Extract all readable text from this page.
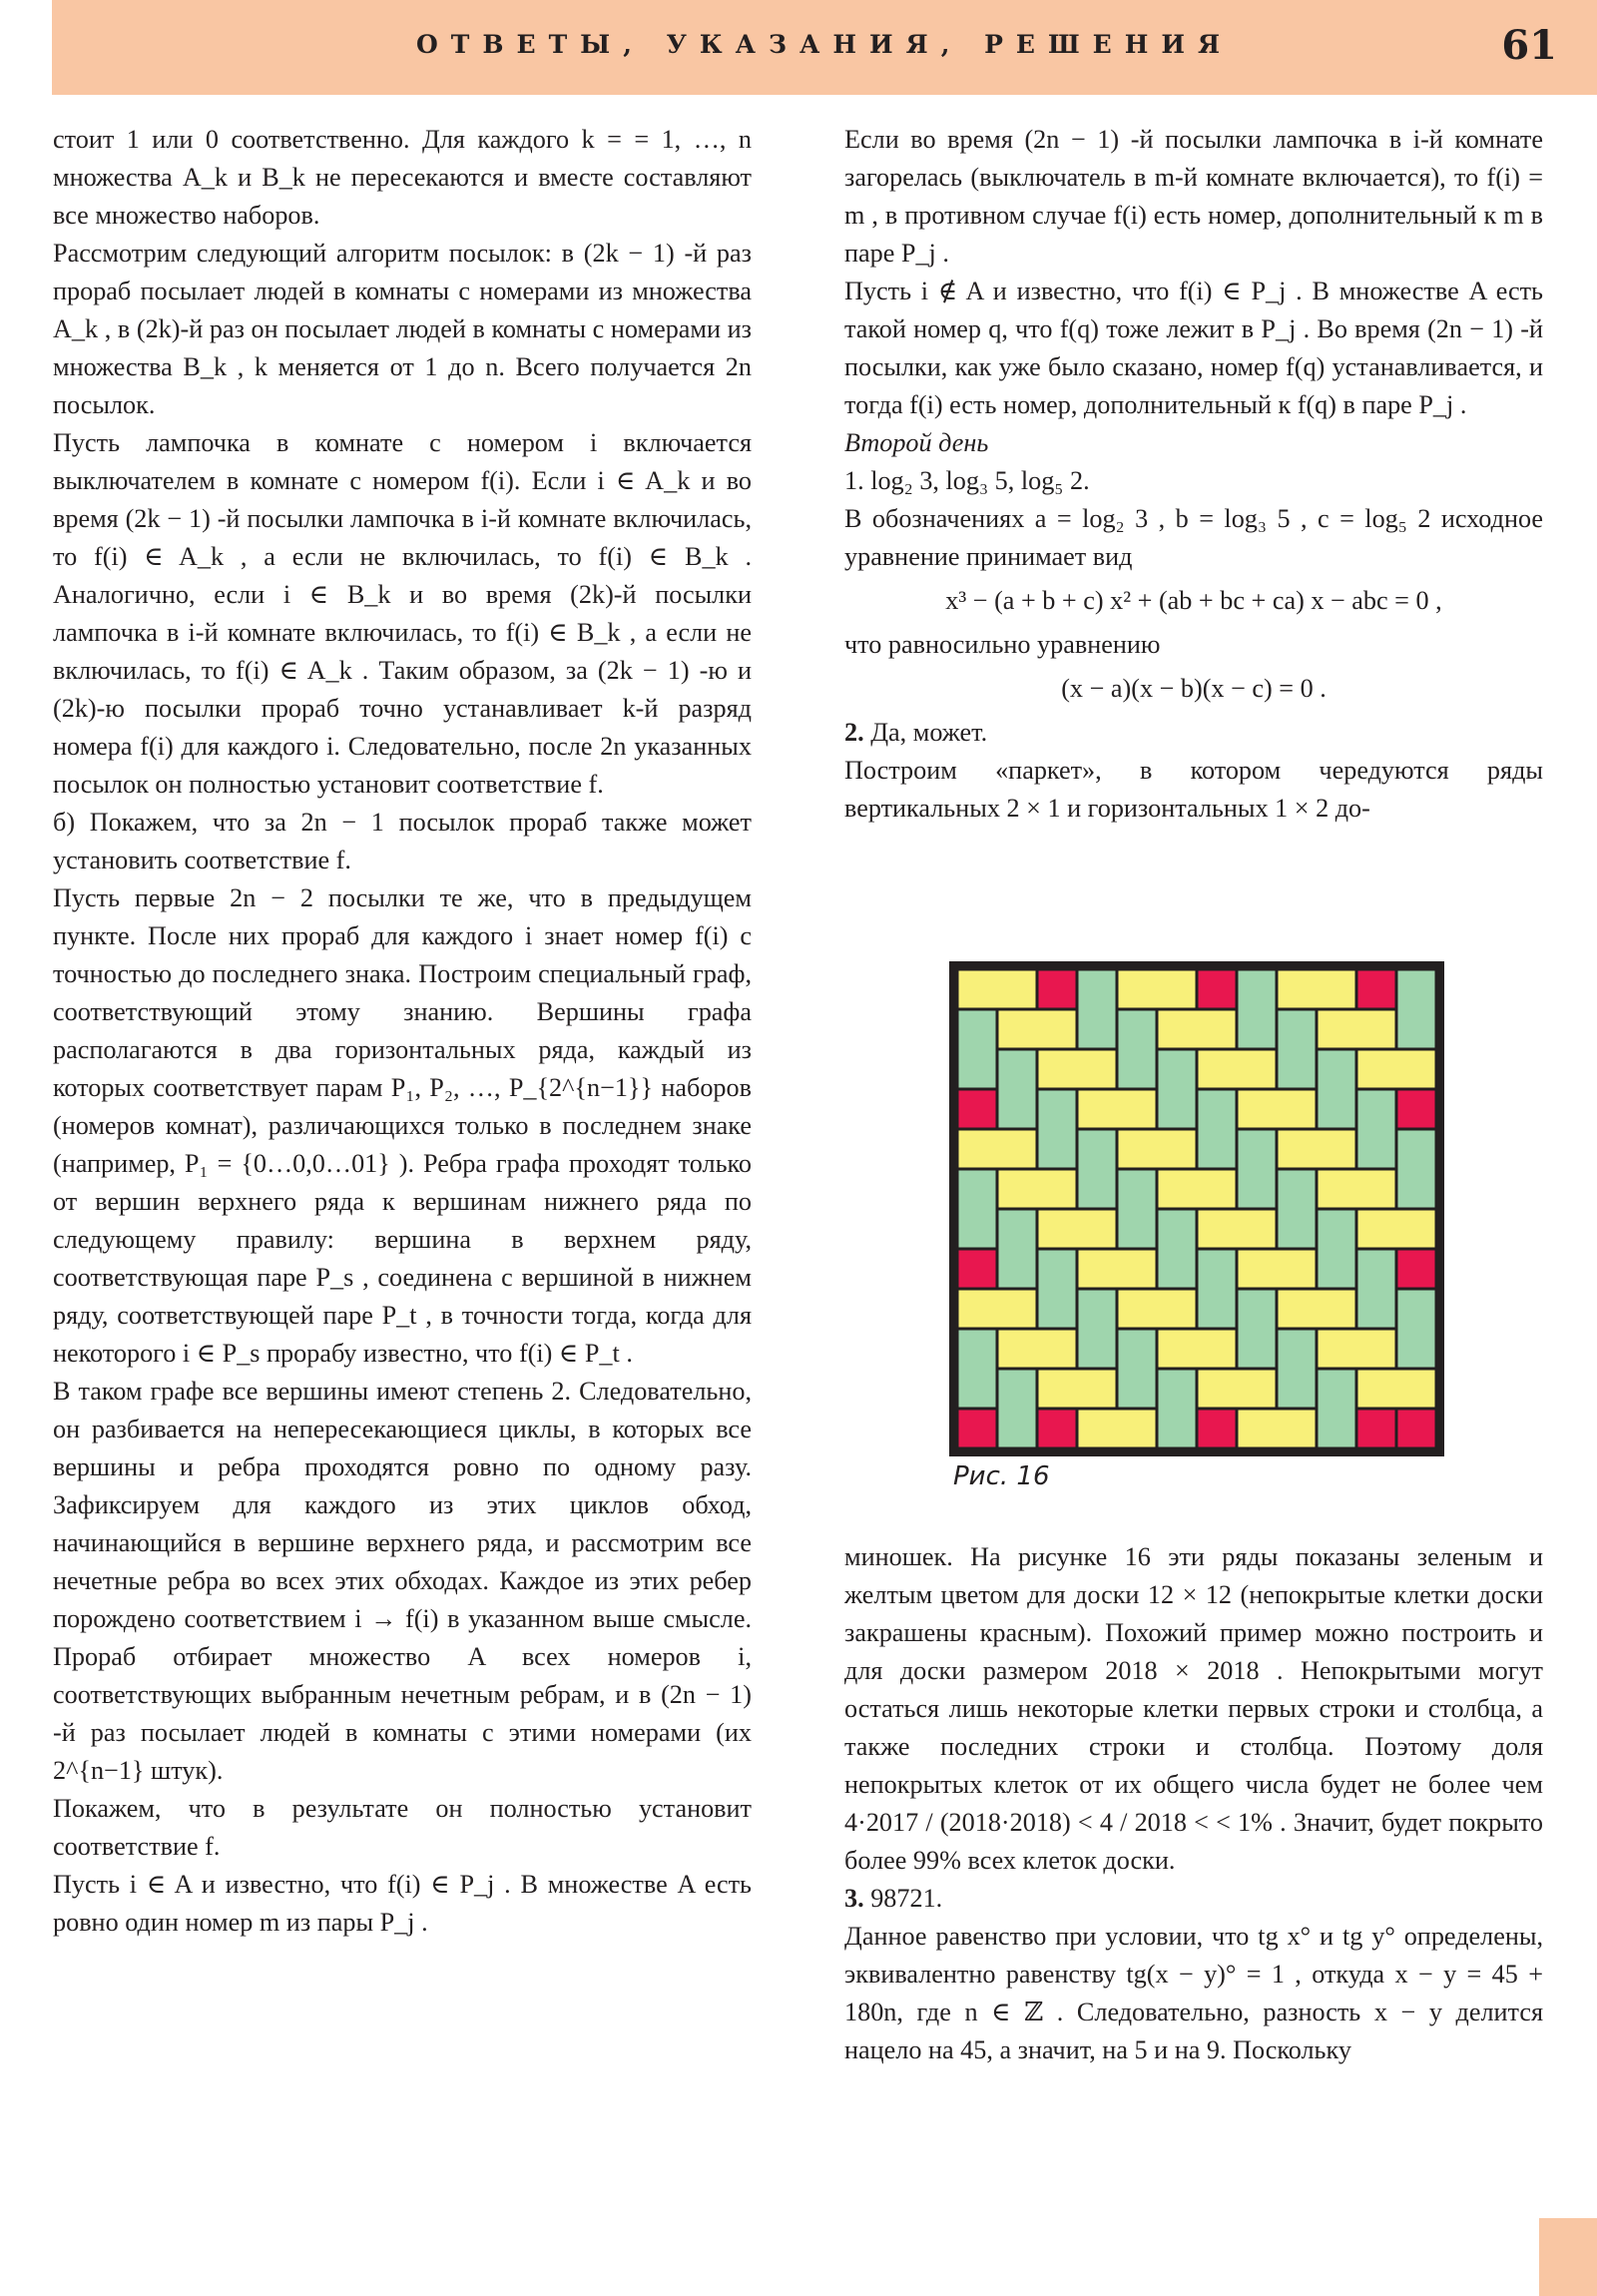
ОТВЕТЫ, УКАЗАНИЯ, РЕШЕНИЯ	61

стоит 1 или 0 соответственно. Для каждого k = = 1, …, n множества A_k и B_k не пересекаются и вместе составляют все множество наборов.

Рассмотрим следующий алгоритм посылок: в (2k − 1) -й раз прораб посылает людей в комнаты с номерами из множества A_k , в (2k)-й раз он посылает людей в комнаты с номерами из множества B_k , k меняется от 1 до n. Всего получается 2n посылок.

Пусть лампочка в комнате с номером i включается выключателем в комнате с номером f(i). Если i ∈ A_k и во время (2k − 1) -й посылки лампочка в i-й комнате включилась, то f(i) ∈ A_k , а если не включилась, то f(i) ∈ B_k . Аналогично, если i ∈ B_k и во время (2k)-й посылки лампочка в i-й комнате включилась, то f(i) ∈ B_k , а если не включилась, то f(i) ∈ A_k . Таким образом, за (2k − 1) -ю и (2k)-ю посылки прораб точно устанавливает k-й разряд номера f(i) для каждого i. Следовательно, после 2n указанных посылок он полностью установит соответствие f.

б) Покажем, что за 2n − 1 посылок прораб также может установить соответствие f.

Пусть первые 2n − 2 посылки те же, что в предыдущем пункте. После них прораб для каждого i знает номер f(i) с точностью до последнего знака. Построим специальный граф, соответствующий этому знанию. Вершины графа располагаются в два горизонтальных ряда, каждый из которых соответствует парам P₁, P₂, …, P_{2^{n−1}} наборов (номеров комнат), различающихся только в последнем знаке (например, P₁ = {0…0,0…01} ). Ребра графа проходят только от вершин верхнего ряда к вершинам нижнего ряда по следующему правилу: вершина в верхнем ряду, соответствующая паре P_s , соединена с вершиной в нижнем ряду, соответствующей паре P_t , в точности тогда, когда для некоторого i ∈ P_s прорабу известно, что f(i) ∈ P_t .

В таком графе все вершины имеют степень 2. Следовательно, он разбивается на непересекающиеся циклы, в которых все вершины и ребра проходятся ровно по одному разу. Зафиксируем для каждого из этих циклов обход, начинающийся в вершине верхнего ряда, и рассмотрим все нечетные ребра во всех этих обходах. Каждое из этих ребер порождено соответствием i → f(i) в указанном выше смысле. Прораб отбирает множество A всех номеров i, соответствующих выбранным нечетным ребрам, и в (2n − 1) -й раз посылает людей в комнаты с этими номерами (их 2^{n−1} штук).

Покажем, что в результате он полностью установит соответствие f.

Пусть i ∈ A и известно, что f(i) ∈ P_j . В множестве A есть ровно один номер m из пары P_j .

Если во время (2n − 1) -й посылки лампочка в i-й комнате загорелась (выключатель в m-й комнате включается), то f(i) = m , в противном случае f(i) есть номер, дополнительный к m в паре P_j .

Пусть i ∉ A и известно, что f(i) ∈ P_j . В множестве A есть такой номер q, что f(q) тоже лежит в P_j . Во время (2n − 1) -й посылки, как уже было сказано, номер f(q) устанавливается, и тогда f(i) есть номер, дополнительный к f(q) в паре P_j .

Второй день

1. log₂ 3, log₃ 5, log₅ 2.

В обозначениях a = log₂ 3 , b = log₃ 5 , c = log₅ 2 исходное уравнение принимает вид

x³ − (a + b + c) x² + (ab + bc + ca) x − abc = 0 ,

что равносильно уравнению

(x − a)(x − b)(x − c) = 0 .

2. Да, может.

Построим «паркет», в котором чередуются ряды вертикальных 2 × 1 и горизонтальных 1 × 2 до-

Рис. 16

миношек. На рисунке 16 эти ряды показаны зеленым и желтым цветом для доски 12 × 12 (непокрытые клетки доски закрашены красным). Похожий пример можно построить и для доски размером 2018 × 2018 . Непокрытыми могут остаться лишь некоторые клетки первых строки и столбца, а также последних строки и столбца. Поэтому доля непокрытых клеток от их общего числа будет не более чем 4·2017 / (2018·2018) < 4 / 2018 < < 1% . Значит, будет покрыто более 99% всех клеток доски.

3. 98721.

Данное равенство при условии, что tg x° и tg y° определены, эквивалентно равенству tg(x − y)° = 1 , откуда x − y = 45 + 180n, где n ∈ ℤ . Следовательно, разность x − y делится нацело на 45, а значит, на 5 и на 9. Поскольку
